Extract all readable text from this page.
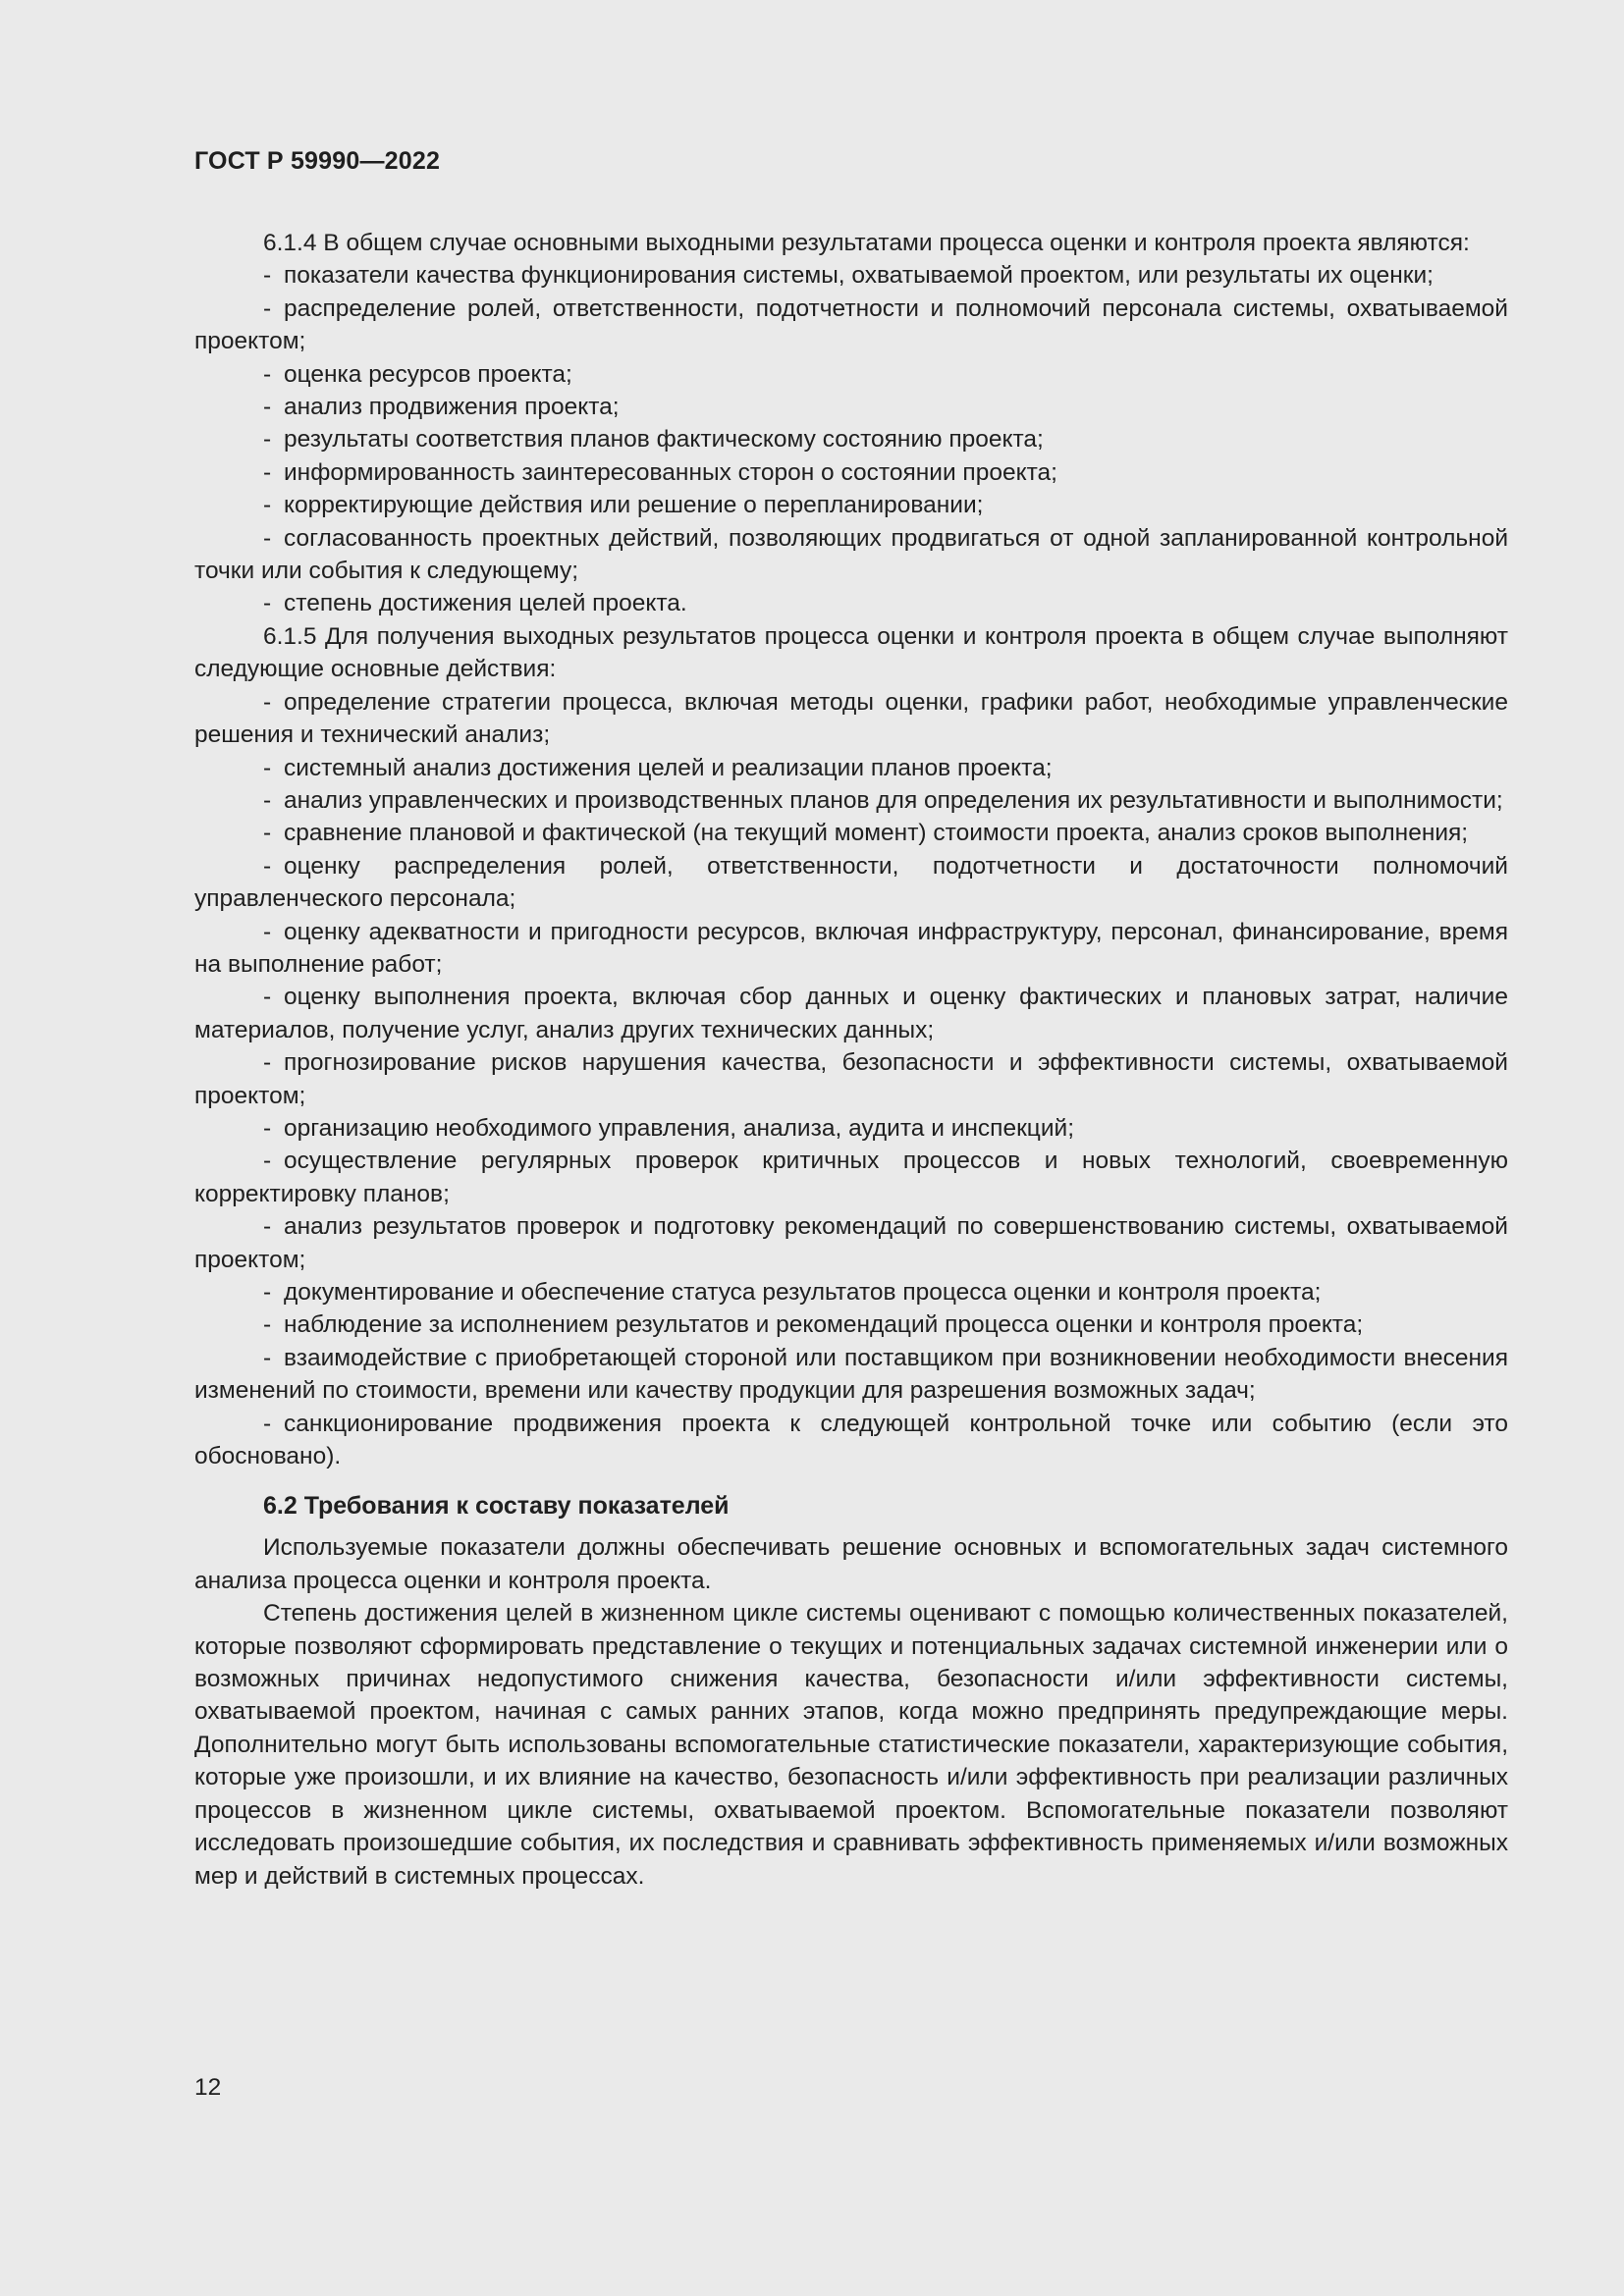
ГОСТ Р 59990—2022

6.1.4 В общем случае основными выходными результатами процесса оценки и контроля проекта являются:

- показатели качества функционирования системы, охватываемой проектом, или результаты их оценки;

- распределение ролей, ответственности, подотчетности и полномочий персонала системы, охватываемой проектом;

- оценка ресурсов проекта;

- анализ продвижения проекта;

- результаты соответствия планов фактическому состоянию проекта;

- информированность заинтересованных сторон о состоянии проекта;

- корректирующие действия или решение о перепланировании;

- согласованность проектных действий, позволяющих продвигаться от одной запланированной контрольной точки или события к следующему;

- степень достижения целей проекта.

6.1.5 Для получения выходных результатов процесса оценки и контроля проекта в общем случае выполняют следующие основные действия:

- определение стратегии процесса, включая методы оценки, графики работ, необходимые управленческие решения и технический анализ;

- системный анализ достижения целей и реализации планов проекта;

- анализ управленческих и производственных планов для определения их результативности и выполнимости;

- сравнение плановой и фактической (на текущий момент) стоимости проекта, анализ сроков выполнения;

- оценку распределения ролей, ответственности, подотчетности и достаточности полномочий управленческого персонала;

- оценку адекватности и пригодности ресурсов, включая инфраструктуру, персонал, финансирование, время на выполнение работ;

- оценку выполнения проекта, включая сбор данных и оценку фактических и плановых затрат, наличие материалов, получение услуг, анализ других технических данных;

- прогнозирование рисков нарушения качества, безопасности и эффективности системы, охватываемой проектом;

- организацию необходимого управления, анализа, аудита и инспекций;

- осуществление регулярных проверок критичных процессов и новых технологий, своевременную корректировку планов;

- анализ результатов проверок и подготовку рекомендаций по совершенствованию системы, охватываемой проектом;

- документирование и обеспечение статуса результатов процесса оценки и контроля проекта;

- наблюдение за исполнением результатов и рекомендаций процесса оценки и контроля проекта;

- взаимодействие с приобретающей стороной или поставщиком при возникновении необходимости внесения изменений по стоимости, времени или качеству продукции для разрешения возможных задач;

- санкционирование продвижения проекта к следующей контрольной точке или событию (если это обосновано).

6.2 Требования к составу показателей

Используемые показатели должны обеспечивать решение основных и вспомогательных задач системного анализа процесса оценки и контроля проекта.

Степень достижения целей в жизненном цикле системы оценивают с помощью количественных показателей, которые позволяют сформировать представление о текущих и потенциальных задачах системной инженерии или о возможных причинах недопустимого снижения качества, безопасности и/или эффективности системы, охватываемой проектом, начиная с самых ранних этапов, когда можно предпринять предупреждающие меры. Дополнительно могут быть использованы вспомогательные статистические показатели, характеризующие события, которые уже произошли, и их влияние на качество, безопасность и/или эффективность при реализации различных процессов в жизненном цикле системы, охватываемой проектом. Вспомогательные показатели позволяют исследовать произошедшие события, их последствия и сравнивать эффективность применяемых и/или возможных мер и действий в системных процессах.

12
